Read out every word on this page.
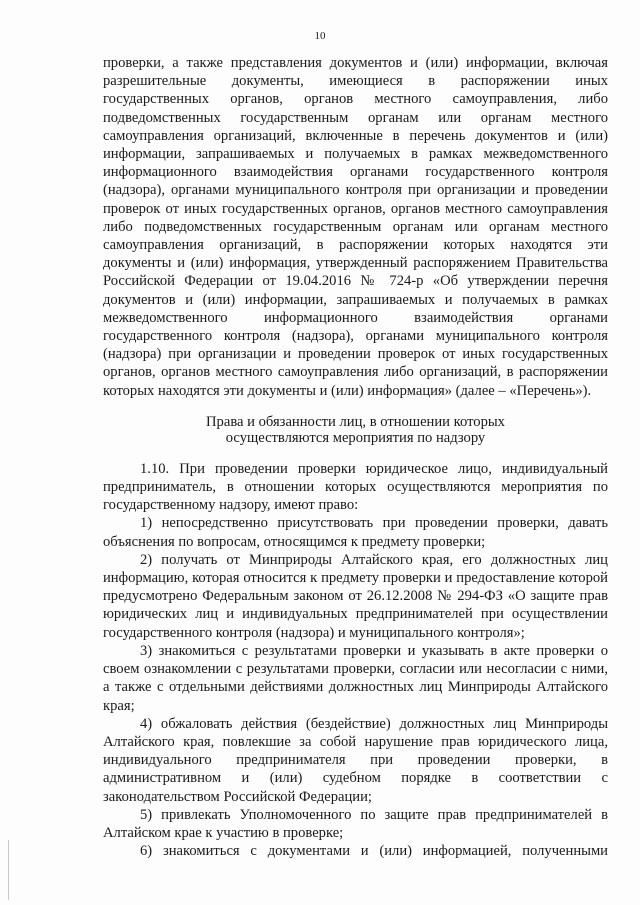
10

проверки, а также представления документов и (или) информации, включая разрешительные документы, имеющиеся в распоряжении иных государственных органов, органов местного самоуправления, либо подведомственных государственным органам или органам местного самоуправления организаций, включенные в перечень документов и (или) информации, запрашиваемых и получаемых в рамках межведомственного информационного взаимодействия органами государственного контроля (надзора), органами муниципального контроля при организации и проведении проверок от иных государственных органов, органов местного самоуправления либо подведомственных государственным органам или органам местного самоуправления организаций, в распоряжении которых находятся эти документы и (или) информация, утвержденный распоряжением Правительства Российской Федерации от 19.04.2016 № 724-р «Об утверждении перечня документов и (или) информации, запрашиваемых и получаемых в рамках межведомственного информационного взаимодействия органами государственного контроля (надзора), органами муниципального контроля (надзора) при организации и проведении проверок от иных государственных органов, органов местного самоуправления либо организаций, в распоряжении которых находятся эти документы и (или) информация» (далее – «Перечень»).

Права и обязанности лиц, в отношении которых
осуществляются мероприятия по надзору

1.10. При проведении проверки юридическое лицо, индивидуальный предприниматель, в отношении которых осуществляются мероприятия по государственному надзору, имеют право:

1) непосредственно присутствовать при проведении проверки, давать объяснения по вопросам, относящимся к предмету проверки;

2) получать от Минприроды Алтайского края, его должностных лиц информацию, которая относится к предмету проверки и предоставление которой предусмотрено Федеральным законом от 26.12.2008 № 294-ФЗ «О защите прав юридических лиц и индивидуальных предпринимателей при осуществлении государственного контроля (надзора) и муниципального контроля»;

3) знакомиться с результатами проверки и указывать в акте проверки о своем ознакомлении с результатами проверки, согласии или несогласии с ними, а также с отдельными действиями должностных лиц Минприроды Алтайского края;

4) обжаловать действия (бездействие) должностных лиц Минприроды Алтайского края, повлекшие за собой нарушение прав юридического лица, индивидуального предпринимателя при проведении проверки, в административном и (или) судебном порядке в соответствии с законодательством Российской Федерации;

5) привлекать Уполномоченного по защите прав предпринимателей в Алтайском крае к участию в проверке;

6) знакомиться с документами и (или) информацией, полученными
